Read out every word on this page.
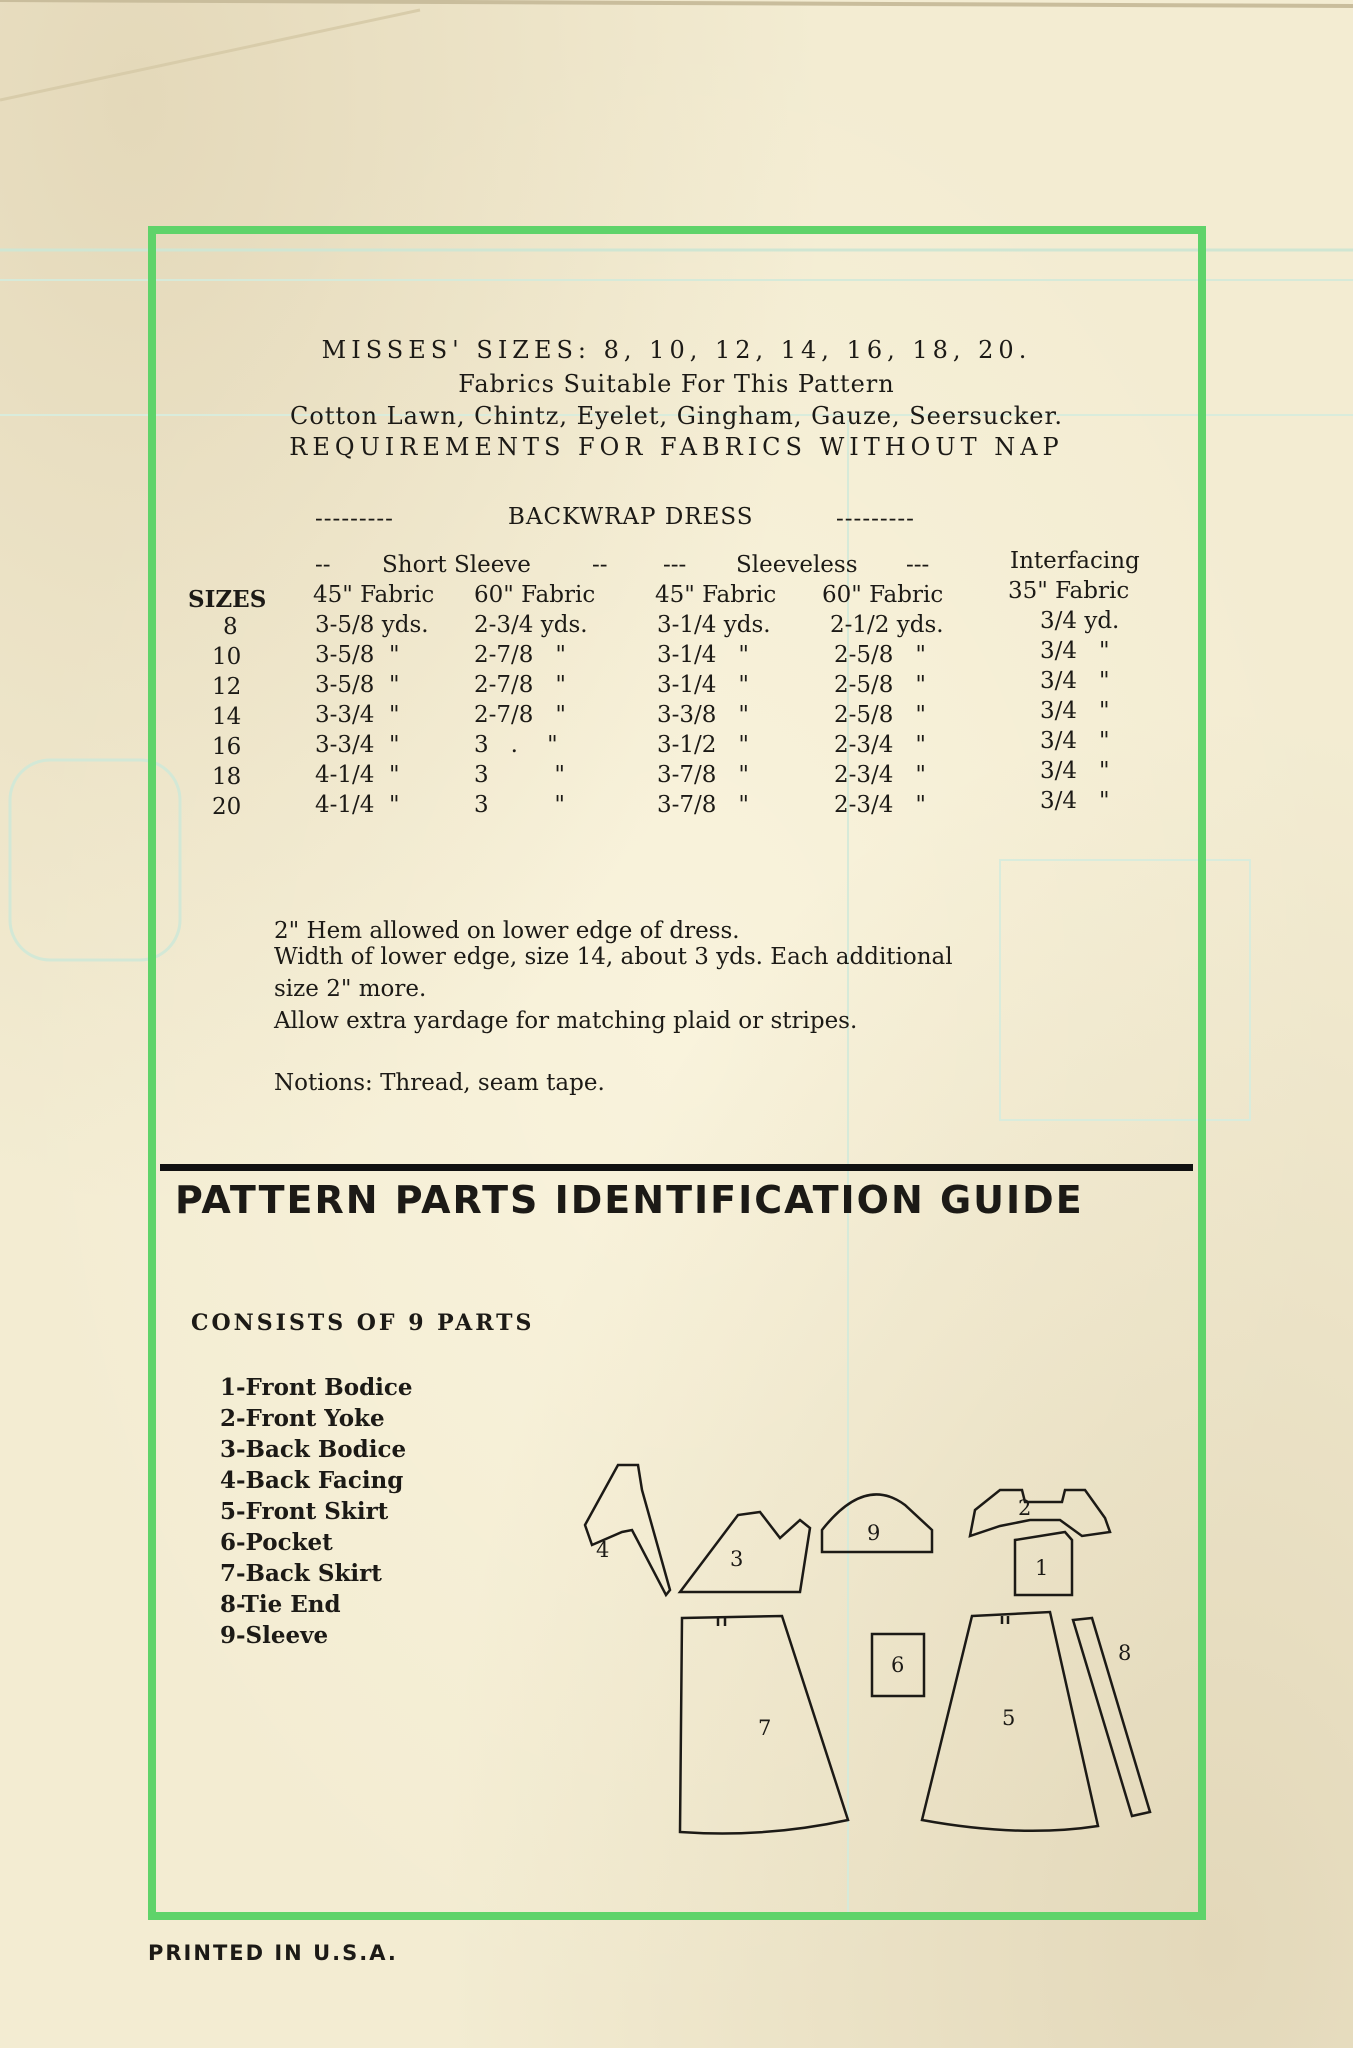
MISSES' SIZES: 8, 10, 12, 14, 16, 18, 20.
Fabrics Suitable For This Pattern
Cotton Lawn, Chintz, Eyelet, Gingham, Gauze, Seersucker.
REQUIREMENTS FOR FABRICS WITHOUT NAP
---------	BACKWRAP DRESS	---------
-- Short Sleeve	-- --- Sleeveless ---	Interfacing
SIZES 45" Fabric 60" Fabric	45" Fabric 60" Fabric	35" Fabric
8	3-5/8 yds. 2-3/4 yds.	3-1/4 yds.	2-1/2 yds.	3/4 yd.
10	3-5/8  "	2-7/8   "	3-1/4   "	2-5/8   "	3/4   "
12	3-5/8  "	2-7/8   "	3-1/4   "	2-5/8   "	3/4   "
14	3-3/4  "	2-7/8   "	3-3/8   "	2-5/8   "	3/4   "
16	3-3/4  "	3   .    "	3-1/2   "	2-3/4   "	3/4   "
18	4-1/4  "	3         "	3-7/8   "	2-3/4   "	3/4   "
20	4-1/4  "	3         "	3-7/8   "	2-3/4   "	3/4   "
2" Hem allowed on lower edge of dress.
Width of lower edge, size 14, about 3 yds. Each additional
size 2" more.
Allow extra yardage for matching plaid or stripes.
Notions: Thread, seam tape.
PATTERN PARTS IDENTIFICATION GUIDE
CONSISTS OF 9 PARTS
1-Front Bodice
2-Front Yoke
3-Back Bodice
4-Back Facing
5-Front Skirt
6-Pocket
7-Back Skirt
8-Tie End
9-Sleeve
4	3
9
2
1
7
6
5
8
PRINTED IN U.S.A.
